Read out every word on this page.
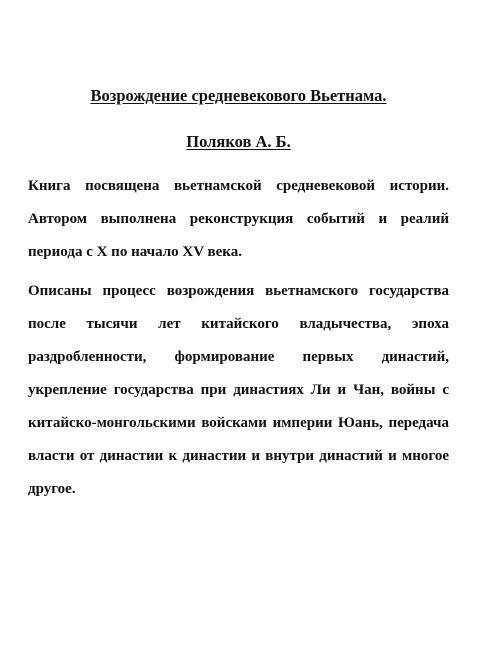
Возрождение средневекового Вьетнама.
Поляков А. Б.

Книга посвящена вьетнамской средневековой истории. Автором выполнена реконструкция событий и реалий периода с X по начало XV века.

Описаны процесс возрождения вьетнамского государства после тысячи лет китайского владычества, эпоха раздробленности, формирование первых династий, укрепление государства при династиях Ли и Чан, войны с китайско-монгольскими войсками империи Юань, передача власти от династии к династии и внутри династий и многое другое.
